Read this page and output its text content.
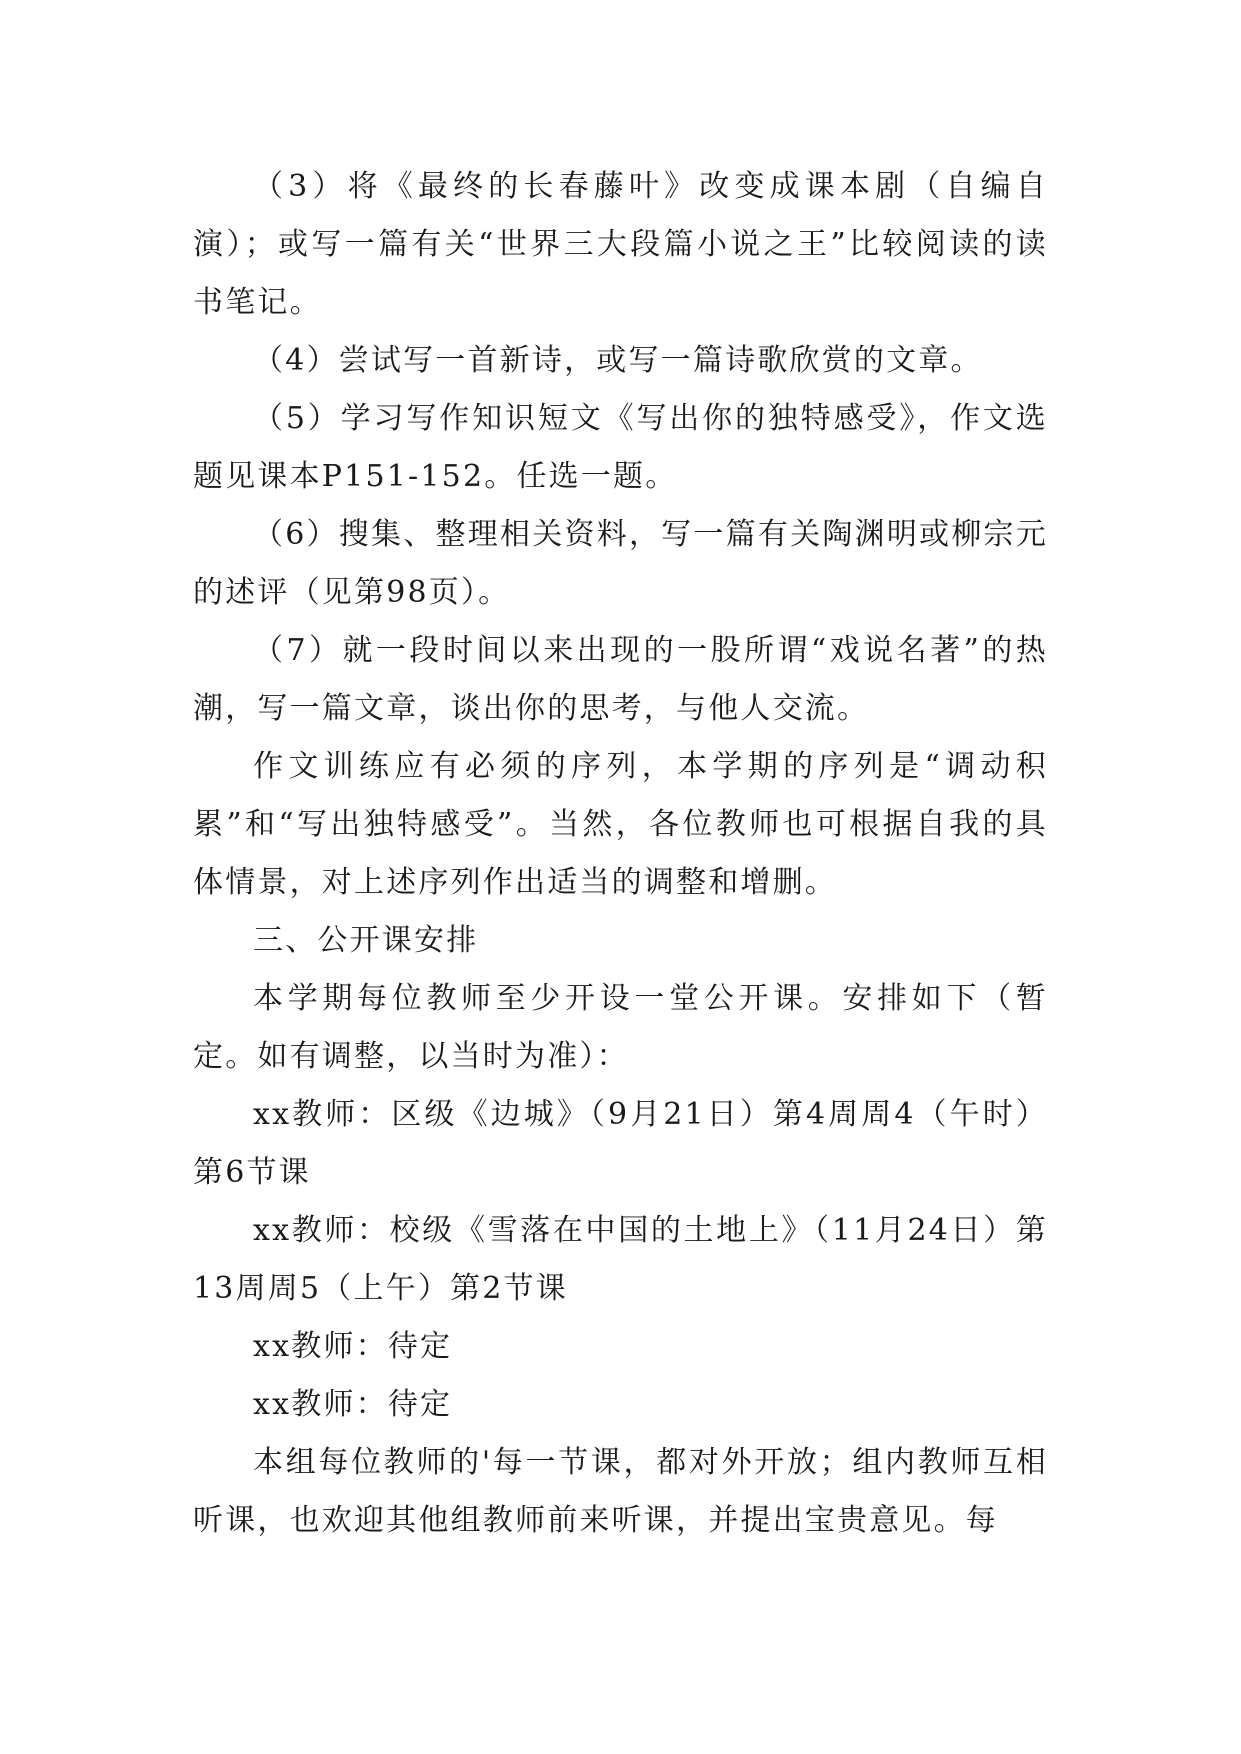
（3）将《最终的长春藤叶》改变成课本剧（自编自演）；或写一篇有关“世界三大段篇小说之王”比较阅读的读书笔记。

（4）尝试写一首新诗，或写一篇诗歌欣赏的文章。

（5）学习写作知识短文《写出你的独特感受》，作文选题见课本P151-152。任选一题。

（6）搜集、整理相关资料，写一篇有关陶渊明或柳宗元的述评（见第98页）。

（7）就一段时间以来出现的一股所谓“戏说名著”的热潮，写一篇文章，谈出你的思考，与他人交流。

作文训练应有必须的序列，本学期的序列是“调动积累”和“写出独特感受”。当然，各位教师也可根据自我的具体情景，对上述序列作出适当的调整和增删。

三、公开课安排

本学期每位教师至少开设一堂公开课。安排如下（暂定。如有调整，以当时为准）：

xx教师：区级《边城》（9月21日）第4周周4（午时）第6节课

xx教师：校级《雪落在中国的土地上》（11月24日）第13周周5（上午）第2节课

xx教师：待定

xx教师：待定

本组每位教师的'每一节课，都对外开放；组内教师互相听课，也欢迎其他组教师前来听课，并提出宝贵意见。每
